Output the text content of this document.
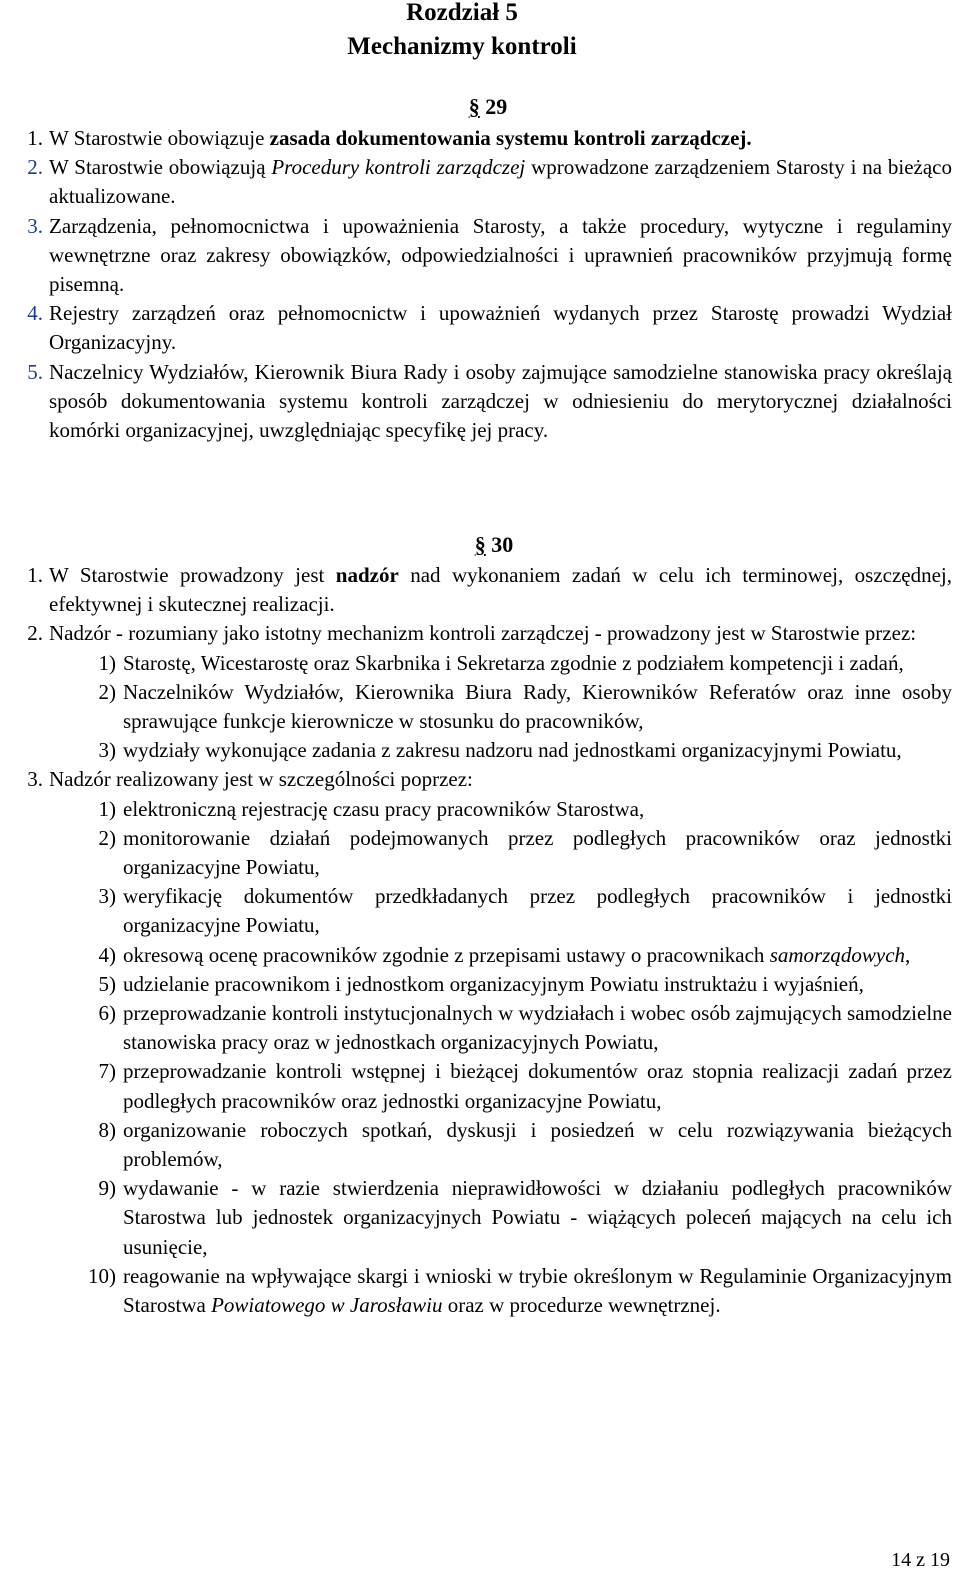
Rozdział 5
Mechanizmy kontroli
§ 29
1. W Starostwie obowiązuje zasada dokumentowania systemu kontroli zarządczej.
2. W Starostwie obowiązują Procedury kontroli zarządczej wprowadzone zarządzeniem Starosty i na bieżąco aktualizowane.
3. Zarządzenia, pełnomocnictwa i upoważnienia Starosty, a także procedury, wytyczne i regulaminy wewnętrzne oraz zakresy obowiązków, odpowiedzialności i uprawnień pracowników przyjmują formę pisemną.
4. Rejestry zarządzeń oraz pełnomocnictw i upoważnień wydanych przez Starostę prowadzi Wydział Organizacyjny.
5. Naczelnicy Wydziałów, Kierownik Biura Rady i osoby zajmujące samodzielne stanowiska pracy określają sposób dokumentowania systemu kontroli zarządczej w odniesieniu do merytorycznej działalności komórki organizacyjnej, uwzględniając specyfikę jej pracy.
§ 30
1. W Starostwie prowadzony jest nadzór nad wykonaniem zadań w celu ich terminowej, oszczędnej, efektywnej i skutecznej realizacji.
2. Nadzór - rozumiany jako istotny mechanizm kontroli zarządczej - prowadzony jest w Starostwie przez:
1) Starostę, Wicestarostę oraz Skarbnika i Sekretarza zgodnie z podziałem kompetencji i zadań,
2) Naczelników Wydziałów, Kierownika Biura Rady, Kierowników Referatów oraz inne osoby sprawujące funkcje kierownicze w stosunku do pracowników,
3) wydziały wykonujące zadania z zakresu nadzoru nad jednostkami organizacyjnymi Powiatu,
3. Nadzór realizowany jest w szczególności poprzez:
1) elektroniczną rejestrację czasu pracy pracowników Starostwa,
2) monitorowanie działań podejmowanych przez podległych pracowników oraz jednostki organizacyjne Powiatu,
3) weryfikację dokumentów przedkładanych przez podległych pracowników i jednostki organizacyjne Powiatu,
4) okresową ocenę pracowników zgodnie z przepisami ustawy o pracownikach samorządowych,
5) udzielanie pracownikom i jednostkom organizacyjnym Powiatu instruktażu i wyjaśnień,
6) przeprowadzanie kontroli instytucjonalnych w wydziałach i wobec osób zajmujących samodzielne stanowiska pracy oraz w jednostkach organizacyjnych Powiatu,
7) przeprowadzanie kontroli wstępnej i bieżącej dokumentów oraz stopnia realizacji zadań przez podległych pracowników oraz jednostki organizacyjne Powiatu,
8) organizowanie roboczych spotkań, dyskusji i posiedzeń w celu rozwiązywania bieżących problemów,
9) wydawanie - w razie stwierdzenia nieprawidłowości w działaniu podległych pracowników Starostwa lub jednostek organizacyjnych Powiatu - wiążących poleceń mających na celu ich usunięcie,
10) reagowanie na wpływające skargi i wnioski w trybie określonym w Regulaminie Organizacyjnym Starostwa Powiatowego w Jarosławiu oraz w procedurze wewnętrznej.
14 z 19
